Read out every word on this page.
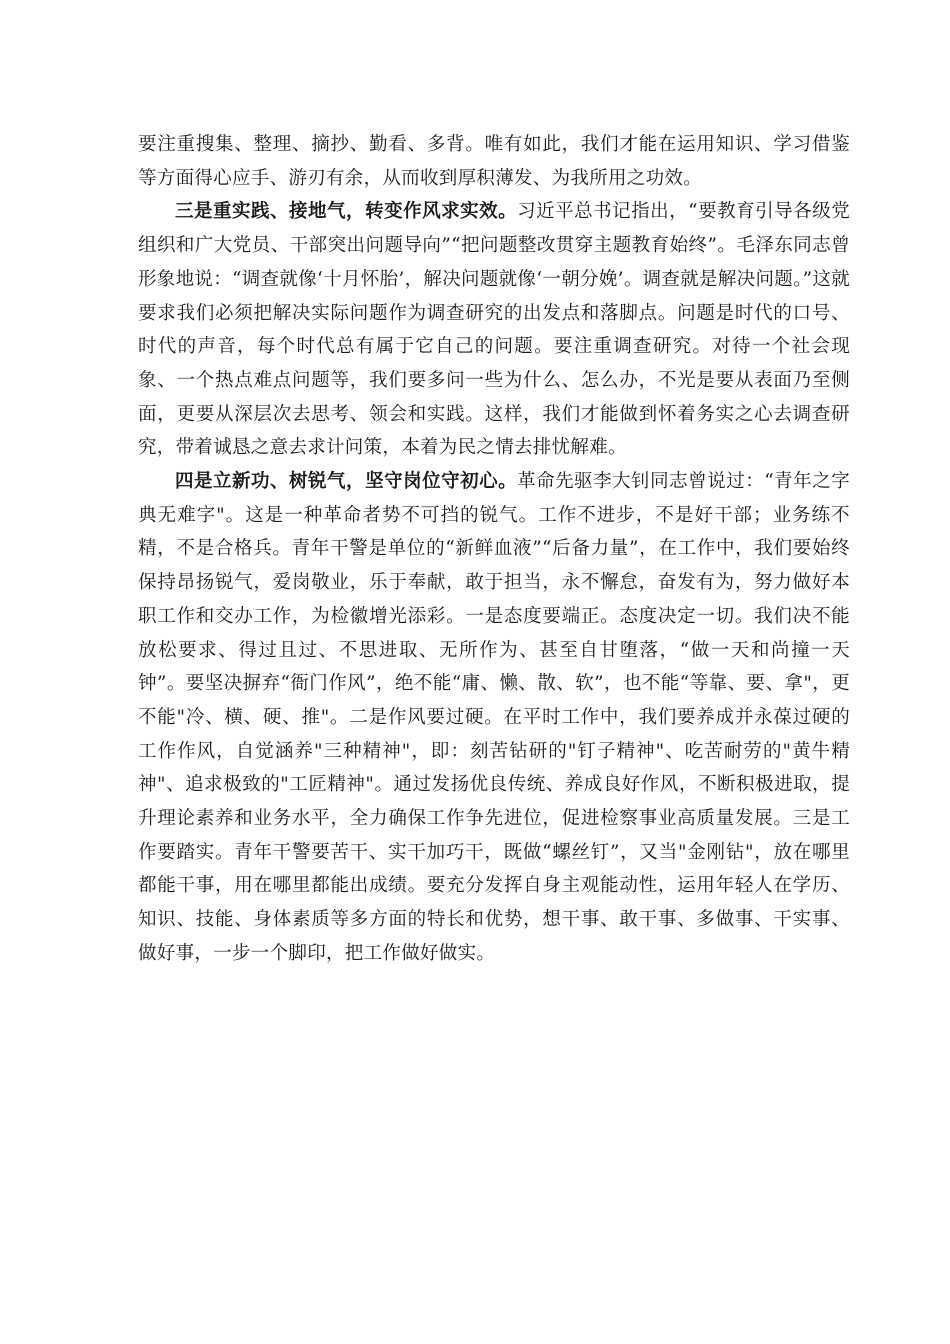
要注重搜集、整理、摘抄、勤看、多背。唯有如此，我们才能在运用知识、学习借鉴等方面得心应手、游刃有余，从而收到厚积薄发、为我所用之功效。

三是重实践、接地气，转变作风求实效。习近平总书记指出，“要教育引导各级党组织和广大党员、干部突出问题导向”“把问题整改贯穿主题教育始终”。毛泽东同志曾形象地说：“调查就像‘十月怀胎’，解决问题就像‘一朝分娩’。调查就是解决问题。”这就要求我们必须把解决实际问题作为调查研究的出发点和落脚点。问题是时代的口号、时代的声音，每个时代总有属于它自己的问题。要注重调查研究。对待一个社会现象、一个热点难点问题等，我们要多问一些为什么、怎么办，不光是要从表面乃至侧面，更要从深层次去思考、领会和实践。这样，我们才能做到怀着务实之心去调查研究，带着诚恳之意去求计问策，本着为民之情去排忧解难。

四是立新功、树锐气，坚守岗位守初心。革命先驱李大钊同志曾说过：“青年之字典无难字"。这是一种革命者势不可挡的锐气。工作不进步，不是好干部；业务练不精，不是合格兵。青年干警是单位的“新鲜血液”“后备力量”，在工作中，我们要始终保持昂扬锐气，爱岗敬业，乐于奉献，敢于担当，永不懈怠，奋发有为，努力做好本职工作和交办工作，为检徽增光添彩。一是态度要端正。态度决定一切。我们决不能放松要求、得过且过、不思进取、无所作为、甚至自甘堕落，“做一天和尚撞一天钟”。要坚决摒弃“衙门作风”，绝不能“庸、懒、散、软”，也不能“等靠、要、拿"，更不能"冷、横、硬、推"。二是作风要过硬。在平时工作中，我们要养成并永葆过硬的工作作风，自觉涵养"三种精神"，即：刻苦钻研的"钉子精神"、吃苦耐劳的"黄牛精神"、追求极致的"工匠精神"。通过发扬优良传统、养成良好作风，不断积极进取，提升理论素养和业务水平，全力确保工作争先进位，促进检察事业高质量发展。三是工作要踏实。青年干警要苦干、实干加巧干，既做“螺丝钉”，又当"金刚钻"，放在哪里都能干事，用在哪里都能出成绩。要充分发挥自身主观能动性，运用年轻人在学历、知识、技能、身体素质等多方面的特长和优势，想干事、敢干事、多做事、干实事、做好事，一步一个脚印，把工作做好做实。
